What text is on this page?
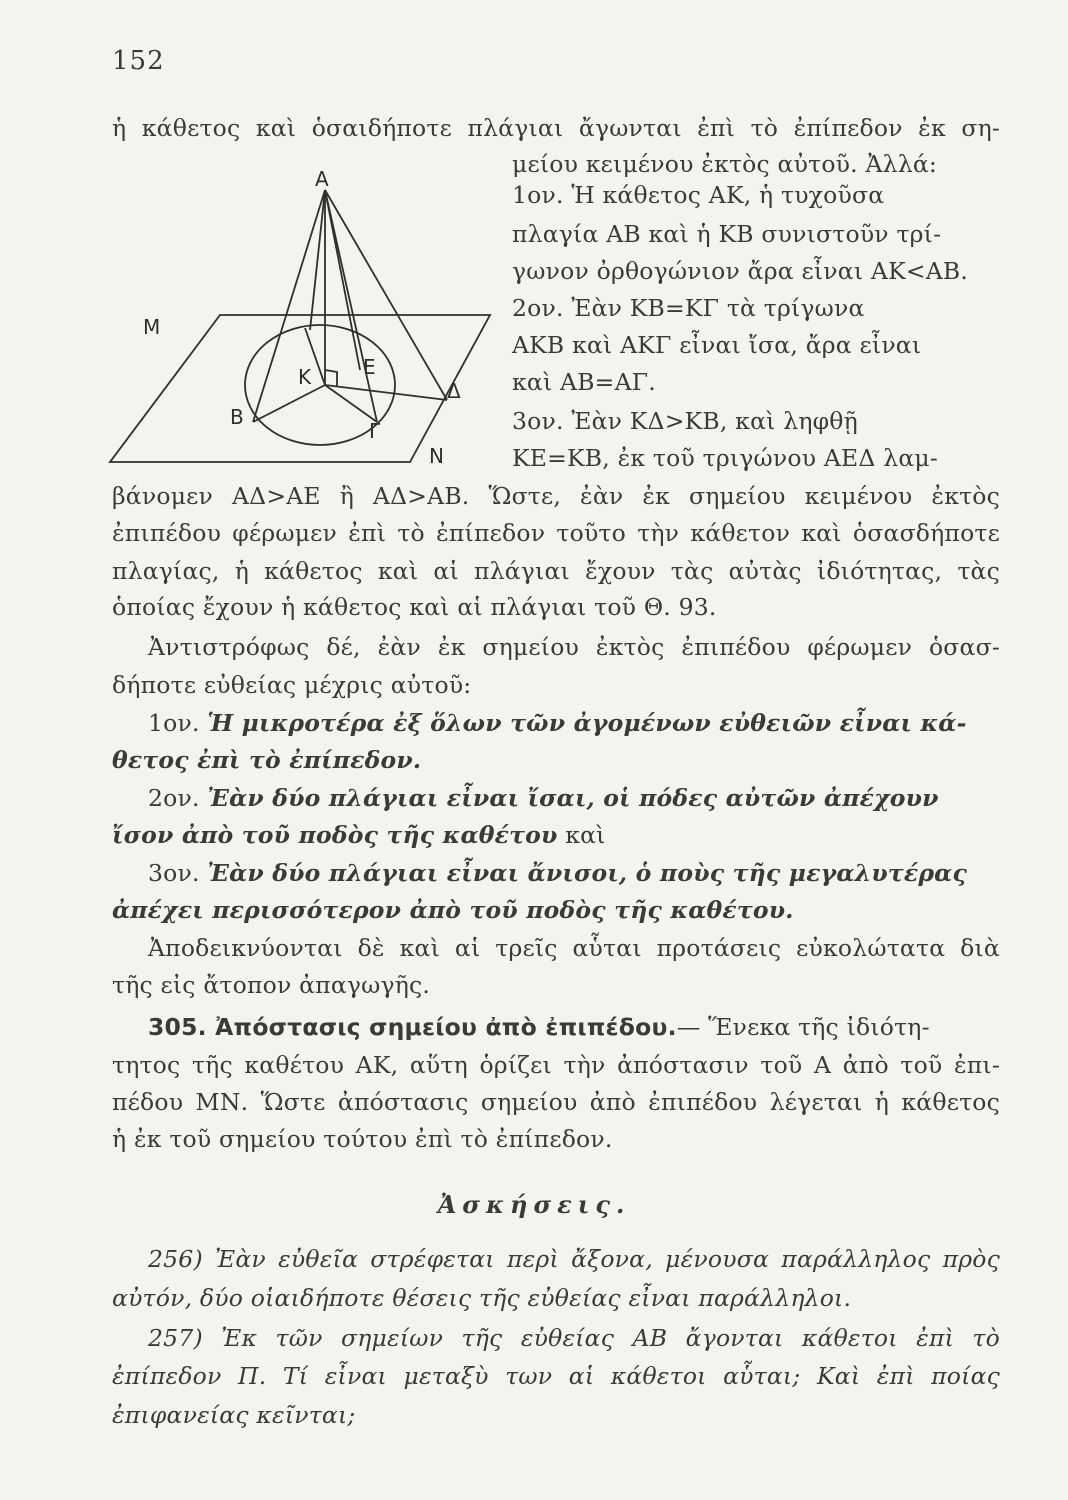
152
ἡ κάθετος καὶ ὁσαιδήποτε πλάγιαι ἄγωνται ἐπὶ τὸ ἐπίπεδον ἐκ ση-
μείου κειμένου ἐκτὸς αὐτοῦ. Ἀλλά:
Α
Μ
Κ	Ε
Δ
Β
Γ
Ν
1ον. Ἡ κάθετος ΑΚ, ἡ τυχοῦσα
πλαγία ΑΒ καὶ ἡ ΚΒ συνιστοῦν τρί-
γωνον ὀρθογώνιον ἄρα εἶναι ΑΚ<ΑΒ.
2ον. Ἐὰν ΚΒ=ΚΓ τὰ τρίγωνα
ΑΚΒ καὶ ΑΚΓ εἶναι ἴσα, ἄρα εἶναι
καὶ ΑΒ=ΑΓ.
3ον. Ἐὰν ΚΔ>ΚΒ, καὶ ληφθῇ
ΚΕ=ΚΒ, ἐκ τοῦ τριγώνου ΑΕΔ λαμ-
βάνομεν ΑΔ>ΑΕ ἢ ΑΔ>ΑΒ. Ὥστε, ἐὰν ἐκ σημείου κειμένου ἐκτὸς
ἐπιπέδου φέρωμεν ἐπὶ τὸ ἐπίπεδον τοῦτο τὴν κάθετον καὶ ὁσασδήποτε
πλαγίας, ἡ κάθετος καὶ αἱ πλάγιαι ἔχουν τὰς αὐτὰς ἰδιότητας, τὰς
ὁποίας ἔχουν ἡ κάθετος καὶ αἱ πλάγιαι τοῦ Θ. 93.
Ἀντιστρόφως δέ, ἐὰν ἐκ σημείου ἐκτὸς ἐπιπέδου φέρωμεν ὁσασ-
δήποτε εὐθείας μέχρις αὐτοῦ:
1ον. Ἡ μικροτέρα ἐξ ὅλων τῶν ἀγομένων εὐθειῶν εἶναι κά-
θετος ἐπὶ τὸ ἐπίπεδον.
2ον. Ἐὰν δύο πλάγιαι εἶναι ἴσαι, οἱ πόδες αὐτῶν ἀπέχουν
ἴσον ἀπὸ τοῦ ποδὸς τῆς καθέτου καὶ
3ον. Ἐὰν δύο πλάγιαι εἶναι ἄνισοι, ὁ ποὺς τῆς μεγαλυτέρας
ἀπέχει περισσότερον ἀπὸ τοῦ ποδὸς τῆς καθέτου.
Ἀποδεικνύονται δὲ καὶ αἱ τρεῖς αὗται προτάσεις εὐκολώτατα διὰ
τῆς εἰς ἄτοπον ἀπαγωγῆς.
305. Ἀπόστασις σημείου ἀπὸ ἐπιπέδου.— Ἕνεκα τῆς ἰδιότη-
τητος τῆς καθέτου ΑΚ, αὕτη ὁρίζει τὴν ἀπόστασιν τοῦ Α ἀπὸ τοῦ ἐπι-
πέδου ΜΝ. Ὥστε ἀπόστασις σημείου ἀπὸ ἐπιπέδου λέγεται ἡ κάθετος
ἡ ἐκ τοῦ σημείου τούτου ἐπὶ τὸ ἐπίπεδον.
Ἀσκήσεις.
256) Ἐὰν εὐθεῖα στρέφεται περὶ ἄξονα, μένουσα παράλληλος πρὸς
αὐτόν, δύο οἱαιδήποτε θέσεις τῆς εὐθείας εἶναι παράλληλοι.
257) Ἐκ τῶν σημείων τῆς εὐθείας ΑΒ ἄγονται κάθετοι ἐπὶ τὸ
ἐπίπεδον Π. Τί εἶναι μεταξὺ των αἱ κάθετοι αὗται; Καὶ ἐπὶ ποίας
ἐπιφανείας κεῖνται;
